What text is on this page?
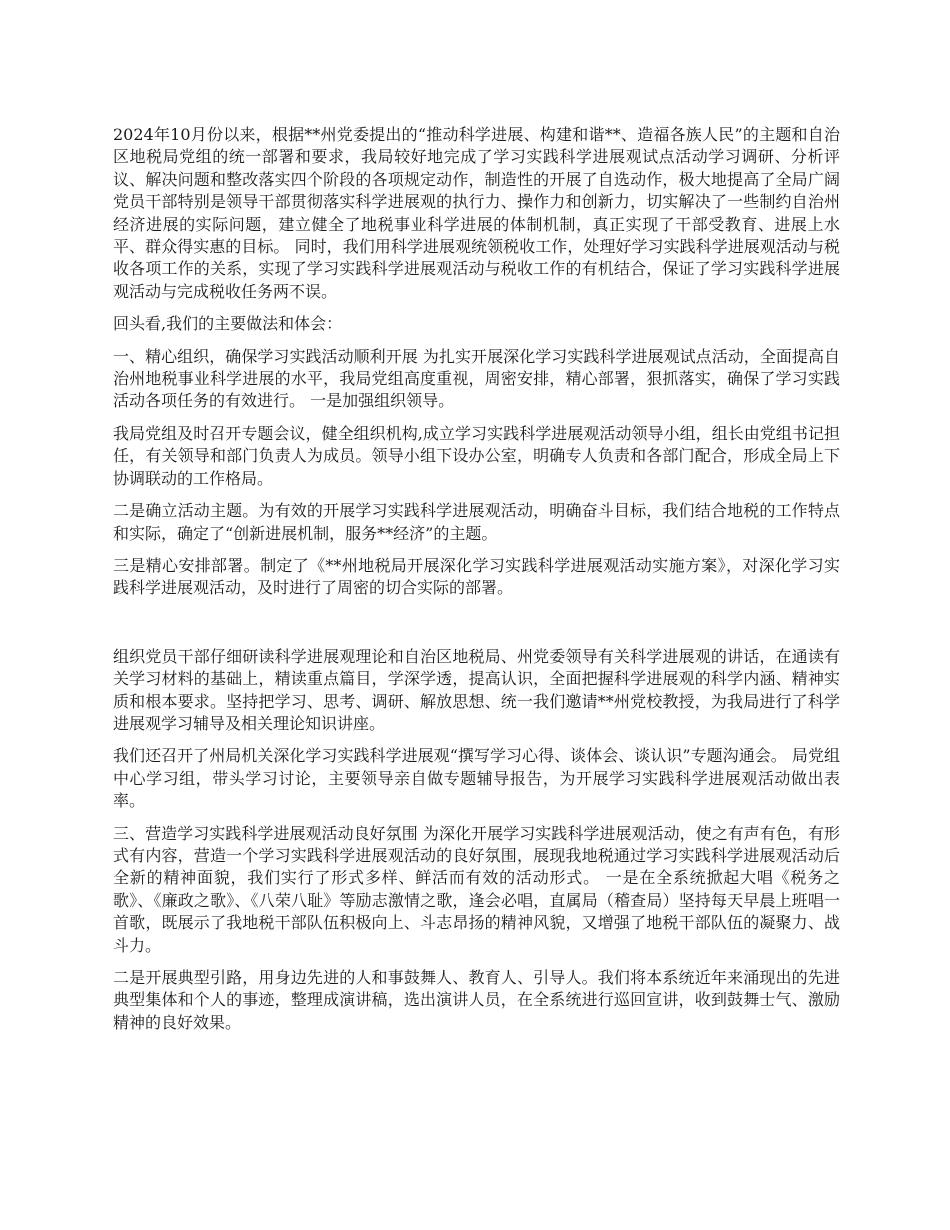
2024年10月份以来，根据**州党委提出的“推动科学进展、构建和谐**、造福各族人民”的主题和自治区地税局党组的统一部署和要求，我局较好地完成了学习实践科学进展观试点活动学习调研、分析评议、解决问题和整改落实四个阶段的各项规定动作，制造性的开展了自选动作，极大地提高了全局广阔党员干部特别是领导干部贯彻落实科学进展观的执行力、操作力和创新力，切实解决了一些制约自治州经济进展的实际问题，建立健全了地税事业科学进展的体制机制，真正实现了干部受教育、进展上水平、群众得实惠的目标。 同时，我们用科学进展观统领税收工作，处理好学习实践科学进展观活动与税收各项工作的关系，实现了学习实践科学进展观活动与税收工作的有机结合，保证了学习实践科学进展观活动与完成税收任务两不误。

回头看,我们的主要做法和体会：

一、精心组织，确保学习实践活动顺利开展 为扎实开展深化学习实践科学进展观试点活动，全面提高自治州地税事业科学进展的水平，我局党组高度重视，周密安排，精心部署，狠抓落实，确保了学习实践活动各项任务的有效进行。 一是加强组织领导。

我局党组及时召开专题会议，健全组织机构,成立学习实践科学进展观活动领导小组，组长由党组书记担任，有关领导和部门负责人为成员。领导小组下设办公室，明确专人负责和各部门配合，形成全局上下协调联动的工作格局。

二是确立活动主题。为有效的开展学习实践科学进展观活动，明确奋斗目标，我们结合地税的工作特点和实际，确定了“创新进展机制，服务**经济”的主题。

三是精心安排部署。制定了《**州地税局开展深化学习实践科学进展观活动实施方案》，对深化学习实践科学进展观活动，及时进行了周密的切合实际的部署。

组织党员干部仔细研读科学进展观理论和自治区地税局、州党委领导有关科学进展观的讲话，在通读有关学习材料的基础上，精读重点篇目，学深学透，提高认识，全面把握科学进展观的科学内涵、精神实质和根本要求。坚持把学习、思考、调研、解放思想、统一我们邀请**州党校教授，为我局进行了科学进展观学习辅导及相关理论知识讲座。

我们还召开了州局机关深化学习实践科学进展观“撰写学习心得、谈体会、谈认识”专题沟通会。 局党组中心学习组，带头学习讨论，主要领导亲自做专题辅导报告，为开展学习实践科学进展观活动做出表率。

三、营造学习实践科学进展观活动良好氛围 为深化开展学习实践科学进展观活动，使之有声有色，有形式有内容，营造一个学习实践科学进展观活动的良好氛围，展现我地税通过学习实践科学进展观活动后全新的精神面貌，我们实行了形式多样、鲜活而有效的活动形式。 一是在全系统掀起大唱《税务之歌》、《廉政之歌》、《八荣八耻》等励志激情之歌，逢会必唱，直属局（稽查局）坚持每天早晨上班唱一首歌，既展示了我地税干部队伍积极向上、斗志昂扬的精神风貌，又增强了地税干部队伍的凝聚力、战斗力。

二是开展典型引路，用身边先进的人和事鼓舞人、教育人、引导人。我们将本系统近年来涌现出的先进典型集体和个人的事迹，整理成演讲稿，选出演讲人员，在全系统进行巡回宣讲，收到鼓舞士气、激励精神的良好效果。
